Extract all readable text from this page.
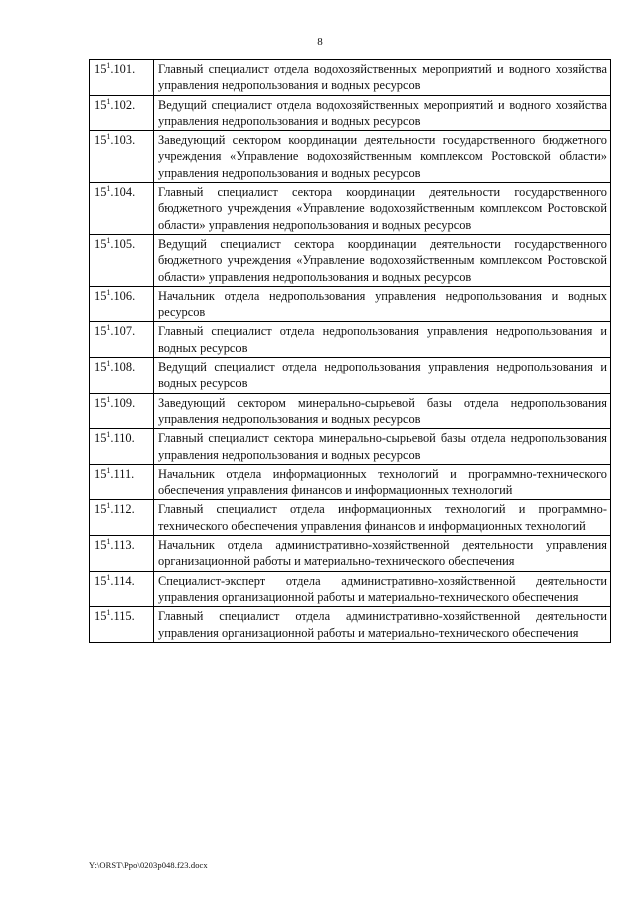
8
$15^1.101$.	Главный специалист отдела водохозяйственных мероприятий и водного хозяйства управления недропользования и водных ресурсов
$15^1.102$.	Ведущий специалист отдела водохозяйственных мероприятий и водного хозяйства управления недропользования и водных ресурсов
$15^1.103$.	Заведующий сектором координации деятельности государственного бюджетного учреждения «Управление водохозяйственным комплексом Ростовской области» управления недропользования и водных ресурсов
$15^1.104$.	Главный специалист сектора координации деятельности государственного бюджетного учреждения «Управление водохозяйственным комплексом Ростовской области» управления недропользования и водных ресурсов
$15^1.105$.	Ведущий специалист сектора координации деятельности государственного бюджетного учреждения «Управление водохозяйственным комплексом Ростовской области» управления недропользования и водных ресурсов
$15^1.106$.	Начальник отдела недропользования управления недропользования и водных ресурсов
$15^1.107$.	Главный специалист отдела недропользования управления недропользования и водных ресурсов
$15^1.108$.	Ведущий специалист отдела недропользования управления недропользования и водных ресурсов
$15^1.109$.	Заведующий сектором минерально-сырьевой базы отдела недропользования управления недропользования и водных ресурсов
$15^1.110$.	Главный специалист сектора минерально-сырьевой базы отдела недропользования управления недропользования и водных ресурсов
$15^1.111$.	Начальник отдела информационных технологий и программно-технического обеспечения управления финансов и информационных технологий
$15^1.112$.	Главный специалист отдела информационных технологий и программно-технического обеспечения управления финансов и информационных технологий
$15^1.113$.	Начальник отдела административно-хозяйственной деятельности управления организационной работы и материально-технического обеспечения
$15^1.114$.	Специалист-эксперт отдела административно-хозяйственной деятельности управления организационной работы и материально-технического обеспечения
$15^1.115$.	Главный специалист отдела административно-хозяйственной деятельности управления организационной работы и материально-технического обеспечения
Y:\ORST\Ppo\0203p048.f23.docx
